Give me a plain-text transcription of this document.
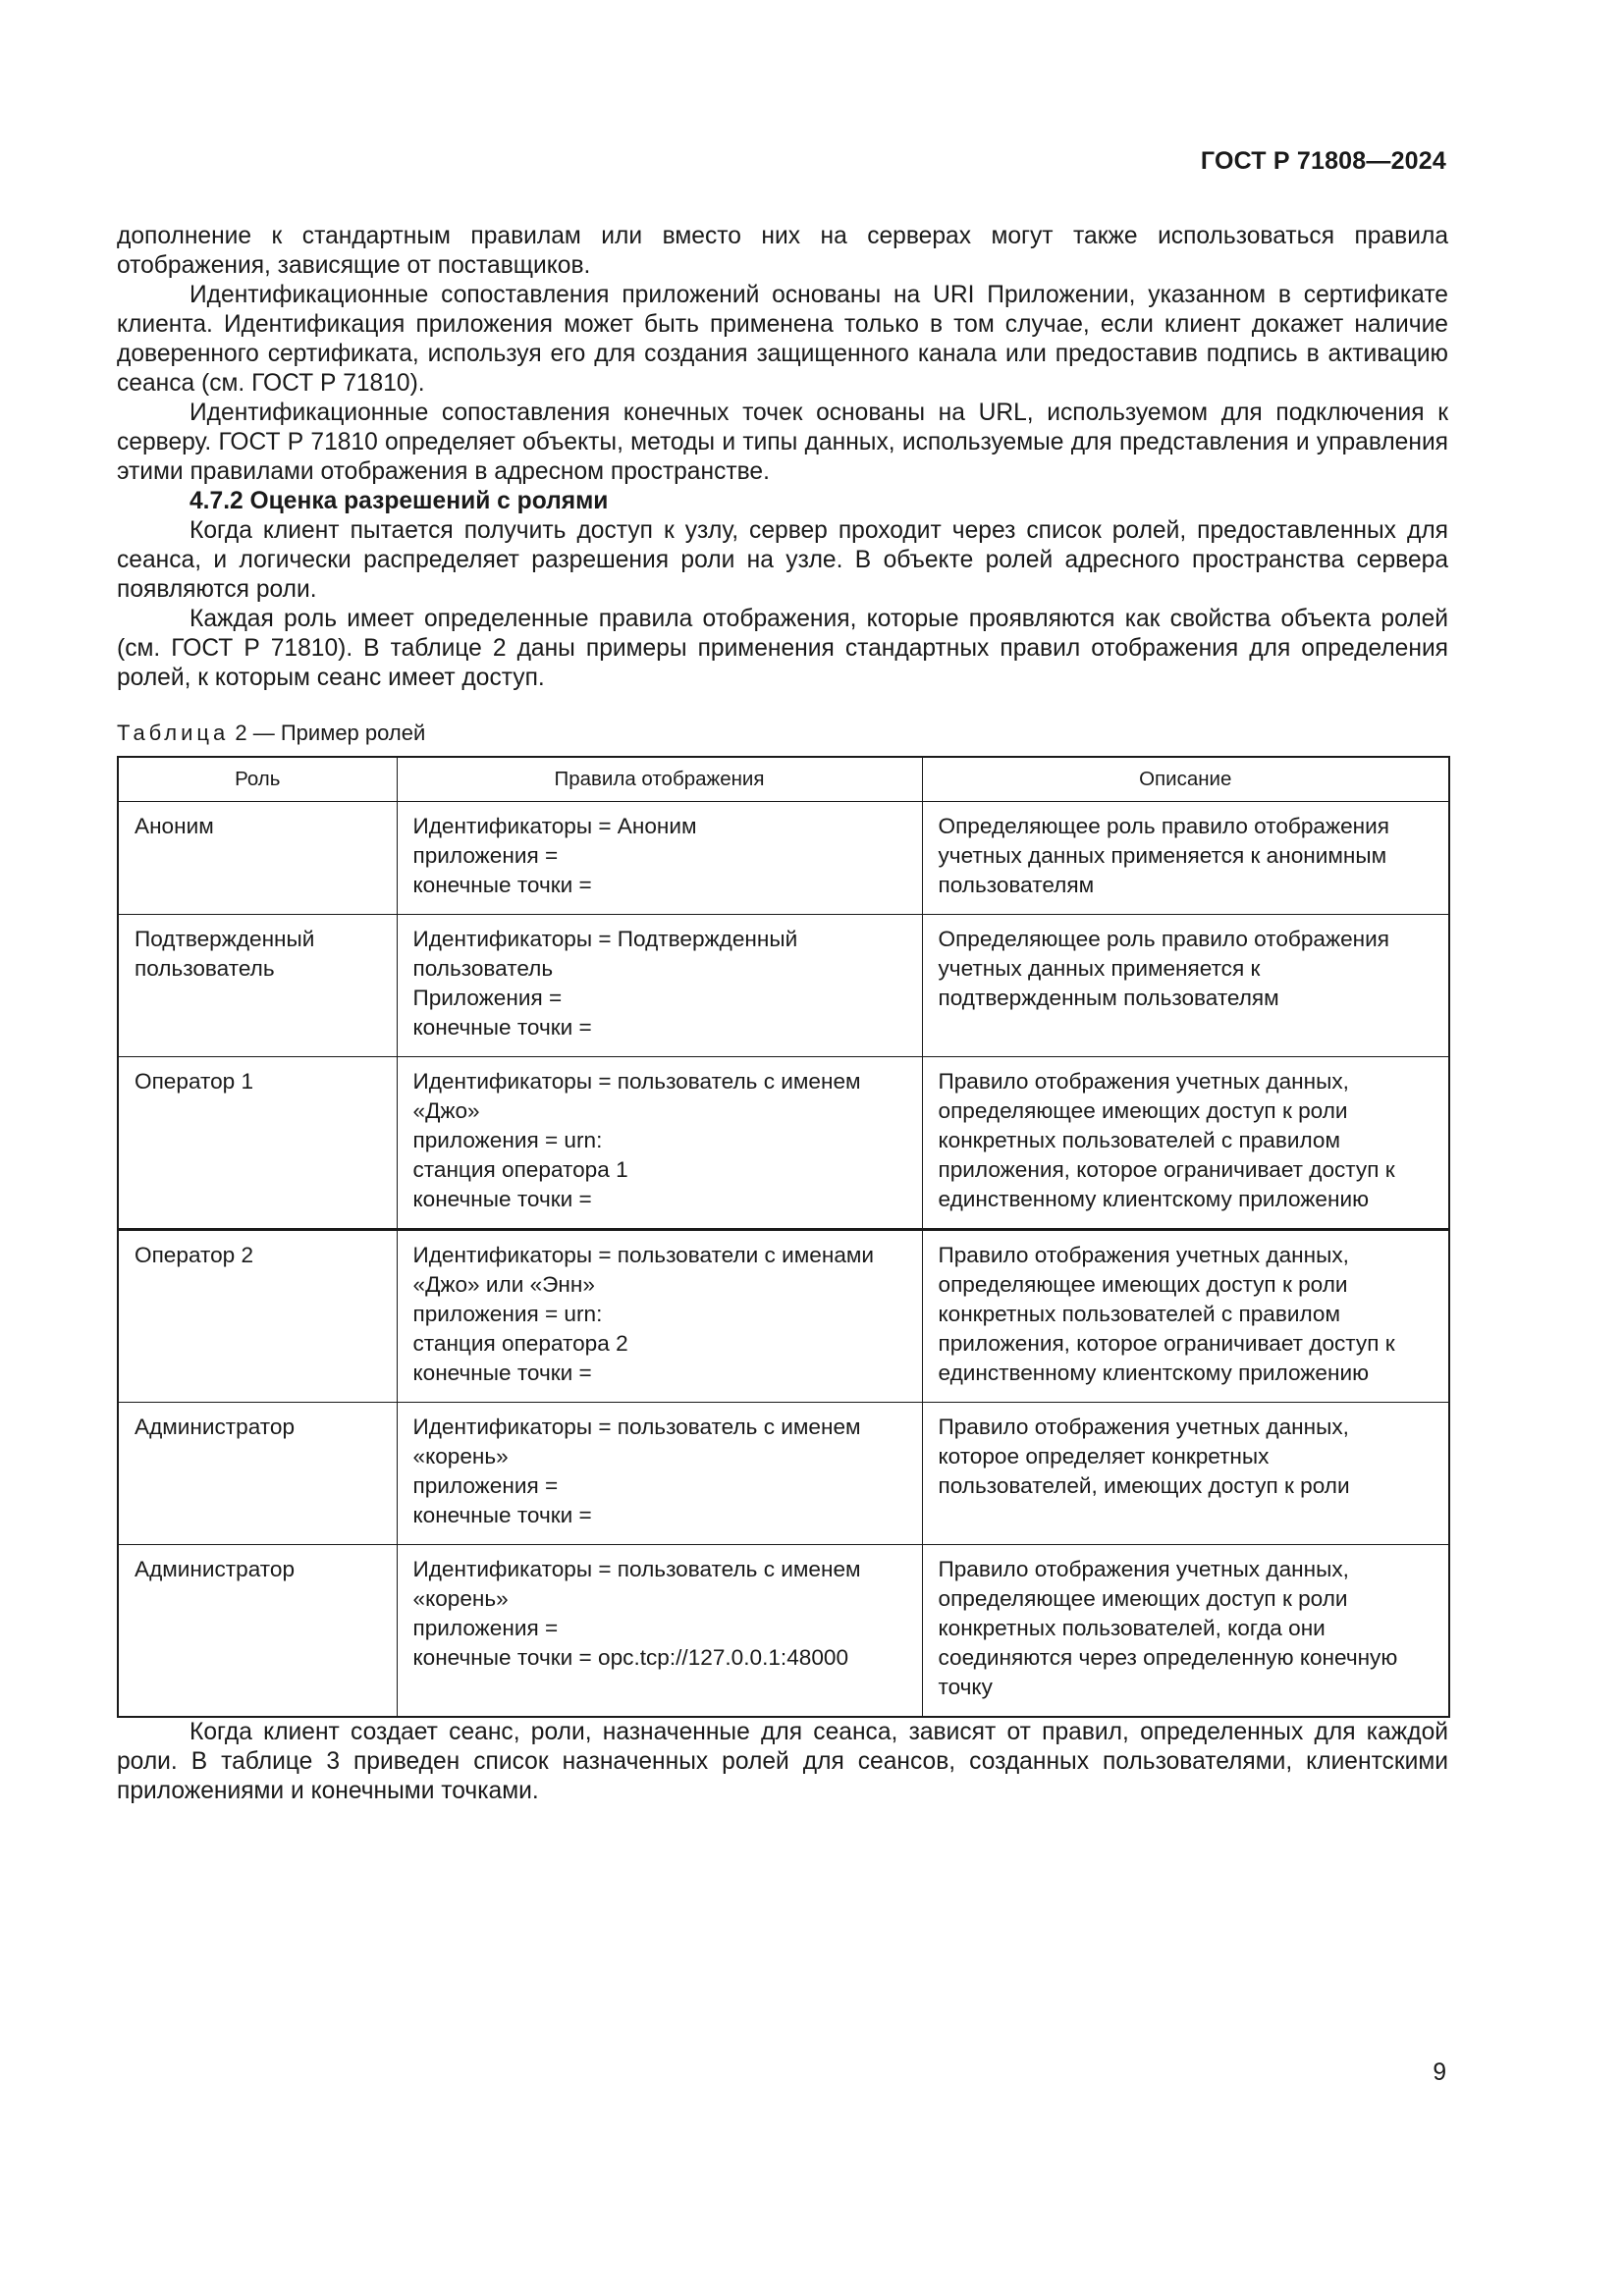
ГОСТ Р 71808—2024

дополнение к стандартным правилам или вместо них на серверах могут также использоваться правила отображения, зависящие от поставщиков.

Идентификационные сопоставления приложений основаны на URI Приложении, указанном в сертификате клиента. Идентификация приложения может быть применена только в том случае, если клиент докажет наличие доверенного сертификата, используя его для создания защищенного канала или предоставив подпись в активацию сеанса (см. ГОСТ Р 71810).

Идентификационные сопоставления конечных точек основаны на URL, используемом для подключения к серверу. ГОСТ Р 71810 определяет объекты, методы и типы данных, используемые для представления и управления этими правилами отображения в адресном пространстве.

4.7.2 Оценка разрешений с ролями

Когда клиент пытается получить доступ к узлу, сервер проходит через список ролей, предоставленных для сеанса, и логически распределяет разрешения роли на узле. В объекте ролей адресного пространства сервера появляются роли.

Каждая роль имеет определенные правила отображения, которые проявляются как свойства объекта ролей (см. ГОСТ Р 71810). В таблице 2 даны примеры применения стандартных правил отображения для определения ролей, к которым сеанс имеет доступ.

Таблица 2 — Пример ролей
Роль	Правила отображения	Описание
Аноним	Идентификаторы = Аноним
приложения =
конечные точки =	Определяющее роль правило отображения учетных данных применяется к анонимным пользователям
Подтвержденный пользователь	Идентификаторы = Подтвержденный пользователь
Приложения =
конечные точки =	Определяющее роль правило отображения учетных данных применяется к подтвержденным пользователям
Оператор 1	Идентификаторы = пользователь с именем «Джо»
приложения = urn:
станция оператора 1
конечные точки =	Правило отображения учетных данных, определяющее имеющих доступ к роли конкретных пользователей с правилом приложения, которое ограничивает доступ к единственному клиентскому приложению
Оператор 2	Идентификаторы = пользователи с именами «Джо» или «Энн»
приложения = urn:
станция оператора 2
конечные точки =	Правило отображения учетных данных, определяющее имеющих доступ к роли конкретных пользователей с правилом приложения, которое ограничивает доступ к единственному клиентскому приложению
Администратор	Идентификаторы = пользователь с именем «корень»
приложения =
конечные точки =	Правило отображения учетных данных, которое определяет конкретных пользователей, имеющих доступ к роли
Администратор	Идентификаторы = пользователь с именем «корень»
приложения =
конечные точки = opc.tcp://127.0.0.1:48000	Правило отображения учетных данных, определяющее имеющих доступ к роли конкретных пользователей, когда они соединяются через определенную конечную точку

Когда клиент создает сеанс, роли, назначенные для сеанса, зависят от правил, определенных для каждой роли. В таблице 3 приведен список назначенных ролей для сеансов, созданных пользователями, клиентскими приложениями и конечными точками.

9
